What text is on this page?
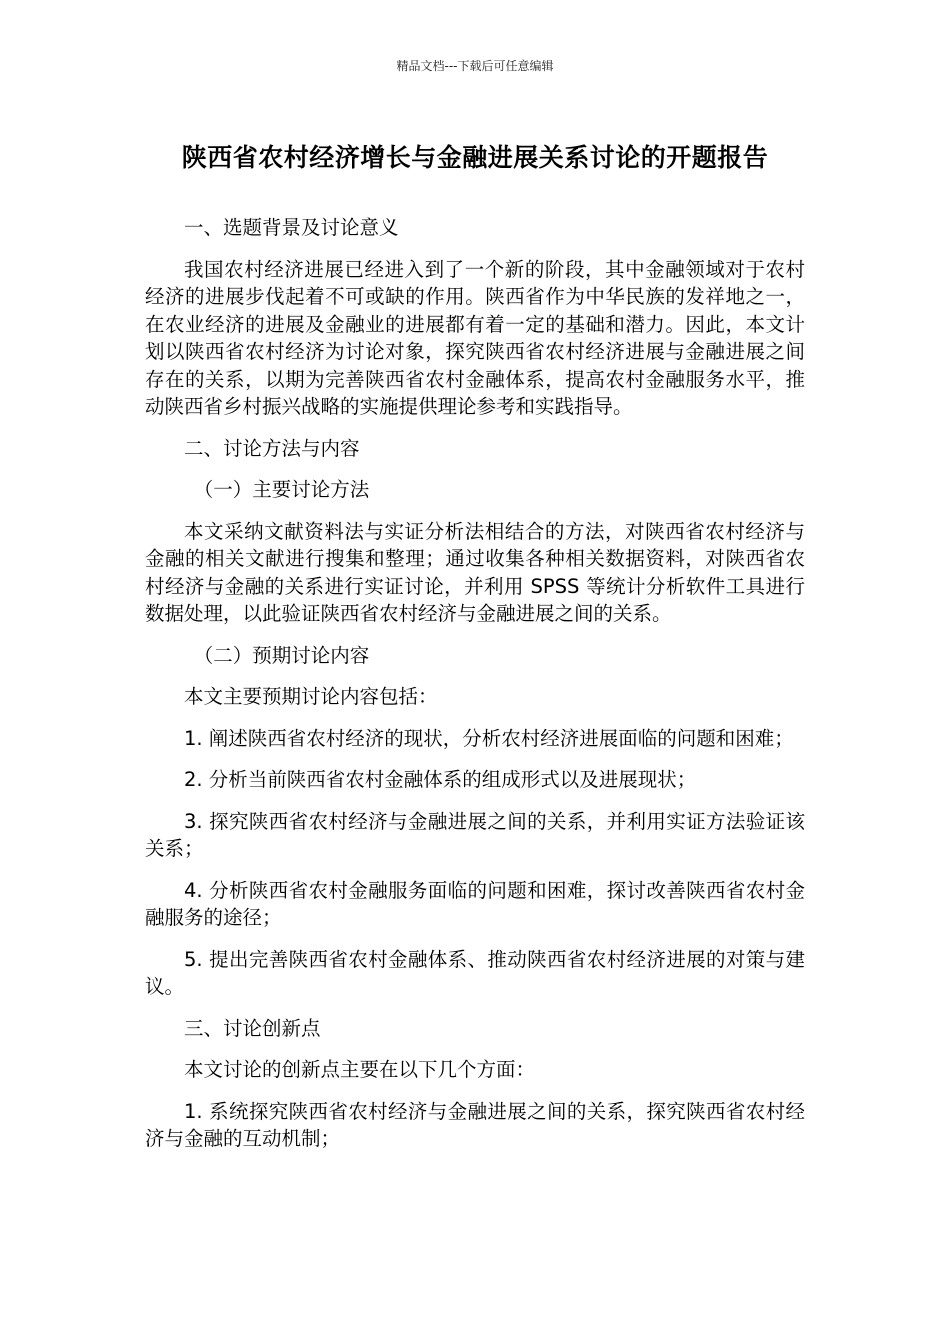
精品文档---下载后可任意编辑
陕西省农村经济增长与金融进展关系讨论的开题报告
一、选题背景及讨论意义
我国农村经济进展已经进入到了一个新的阶段，其中金融领域对于农村经济的进展步伐起着不可或缺的作用。陕西省作为中华民族的发祥地之一，在农业经济的进展及金融业的进展都有着一定的基础和潜力。因此，本文计划以陕西省农村经济为讨论对象，探究陕西省农村经济进展与金融进展之间存在的关系，以期为完善陕西省农村金融体系，提高农村金融服务水平，推动陕西省乡村振兴战略的实施提供理论参考和实践指导。
二、讨论方法与内容
（一）主要讨论方法
本文采纳文献资料法与实证分析法相结合的方法，对陕西省农村经济与金融的相关文献进行搜集和整理；通过收集各种相关数据资料，对陕西省农村经济与金融的关系进行实证讨论，并利用 SPSS 等统计分析软件工具进行数据处理，以此验证陕西省农村经济与金融进展之间的关系。
（二）预期讨论内容
本文主要预期讨论内容包括：
1. 阐述陕西省农村经济的现状，分析农村经济进展面临的问题和困难；
2. 分析当前陕西省农村金融体系的组成形式以及进展现状；
3. 探究陕西省农村经济与金融进展之间的关系，并利用实证方法验证该关系；
4. 分析陕西省农村金融服务面临的问题和困难，探讨改善陕西省农村金融服务的途径；
5. 提出完善陕西省农村金融体系、推动陕西省农村经济进展的对策与建议。
三、讨论创新点
本文讨论的创新点主要在以下几个方面：
1. 系统探究陕西省农村经济与金融进展之间的关系，探究陕西省农村经济与金融的互动机制；
